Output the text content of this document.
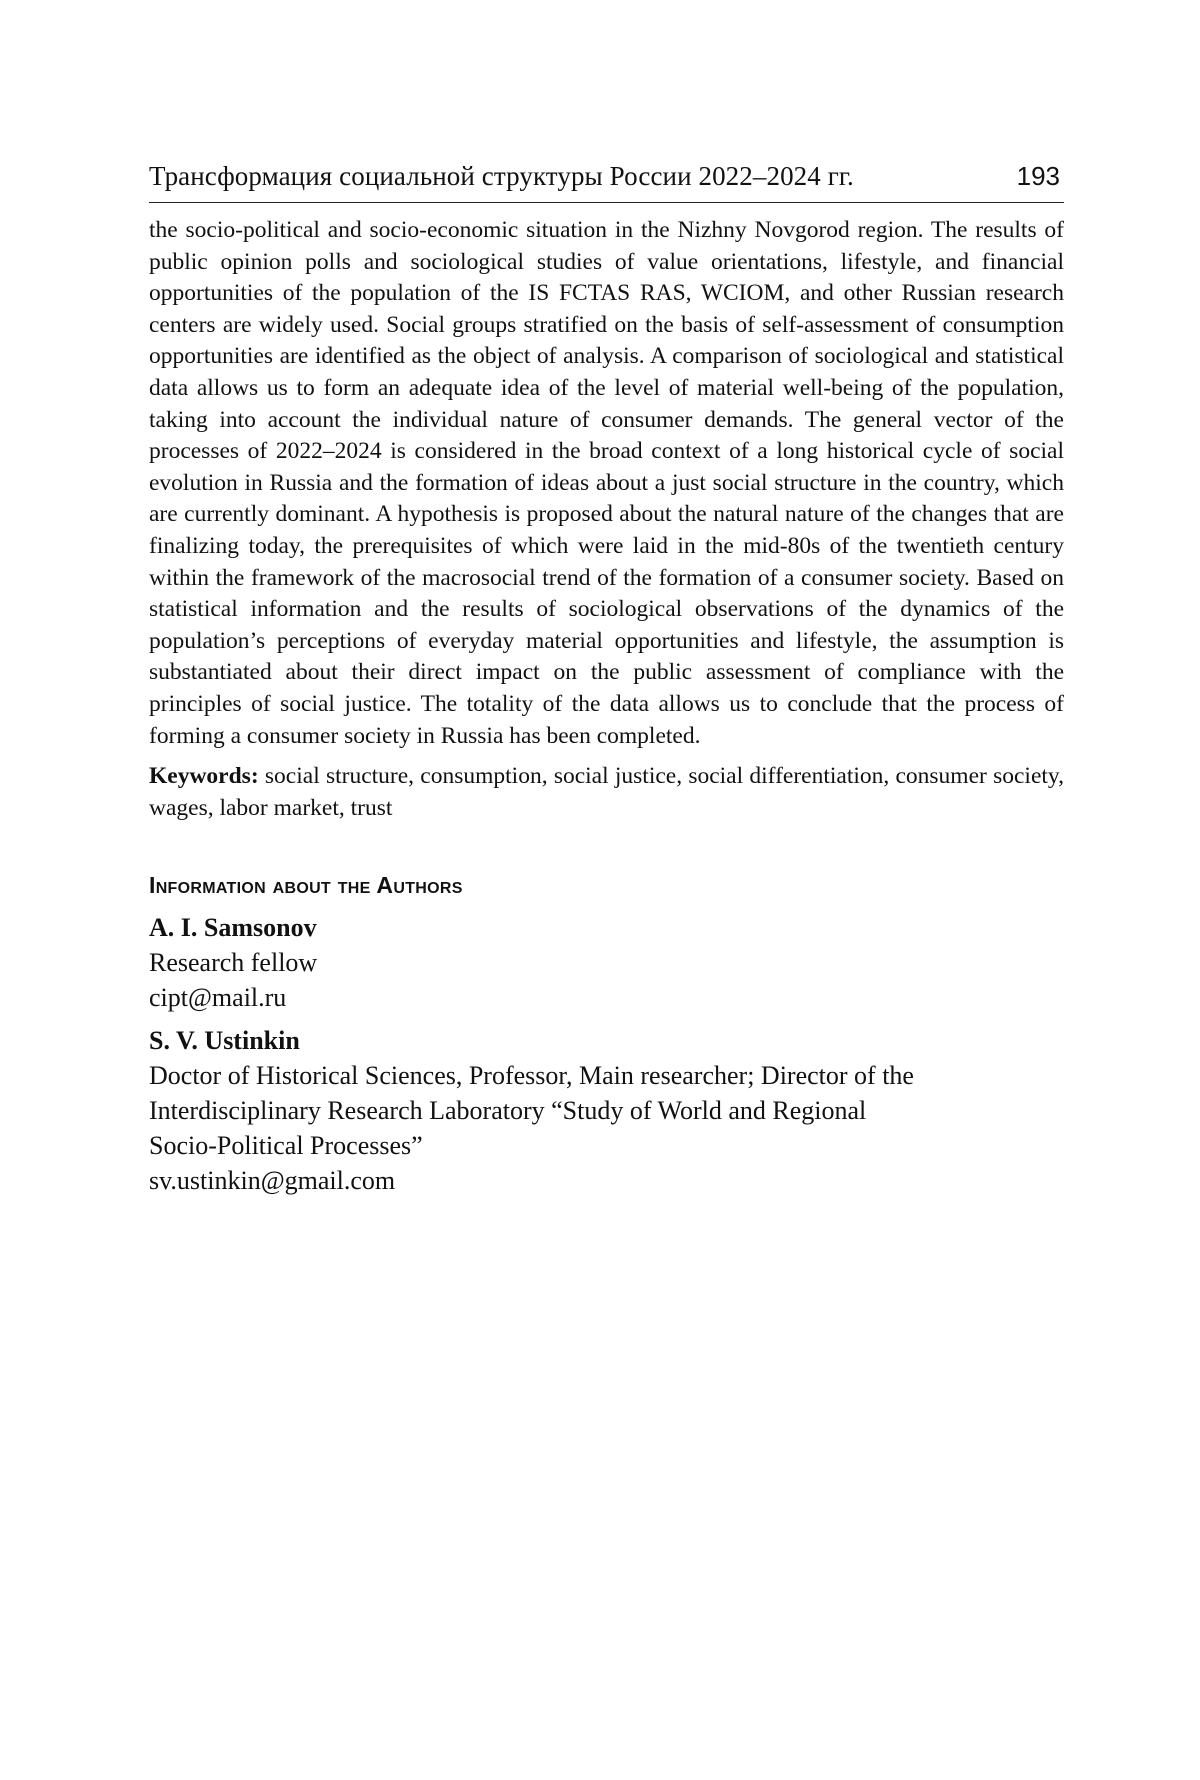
Трансформация социальной структуры России 2022–2024 гг.	193

the socio-political and socio-economic situation in the Nizhny Novgorod region. The results of public opinion polls and sociological studies of value orientations, lifestyle, and financial opportunities of the population of the IS FCTAS RAS, WCIOM, and other Russian research centers are widely used. Social groups stratified on the basis of self-assessment of consumption opportunities are identified as the object of analysis. A comparison of sociological and statistical data allows us to form an adequate idea of the level of material well-being of the population, taking into account the individual nature of consumer demands. The general vector of the processes of 2022–2024 is considered in the broad context of a long historical cycle of social evolution in Russia and the formation of ideas about a just social structure in the country, which are currently dominant. A hypothesis is proposed about the natural nature of the changes that are finalizing today, the prerequisites of which were laid in the mid-80s of the twentieth century within the framework of the macrosocial trend of the formation of a consumer society. Based on statistical information and the results of sociological observations of the dynamics of the population’s perceptions of everyday material opportunities and lifestyle, the assumption is substantiated about their direct impact on the public assessment of compliance with the principles of social justice. The totality of the data allows us to conclude that the process of forming a consumer society in Russia has been completed.

Keywords: social structure, consumption, social justice, social differentiation, consumer society, wages, labor market, trust

Information about the Authors
A. I. Samsonov
Research fellow
cipt@mail.ru
S. V. Ustinkin
Doctor of Historical Sciences, Professor, Main researcher; Director of the
Interdisciplinary Research Laboratory “Study of World and Regional
Socio-Political Processes”
sv.ustinkin@gmail.com
